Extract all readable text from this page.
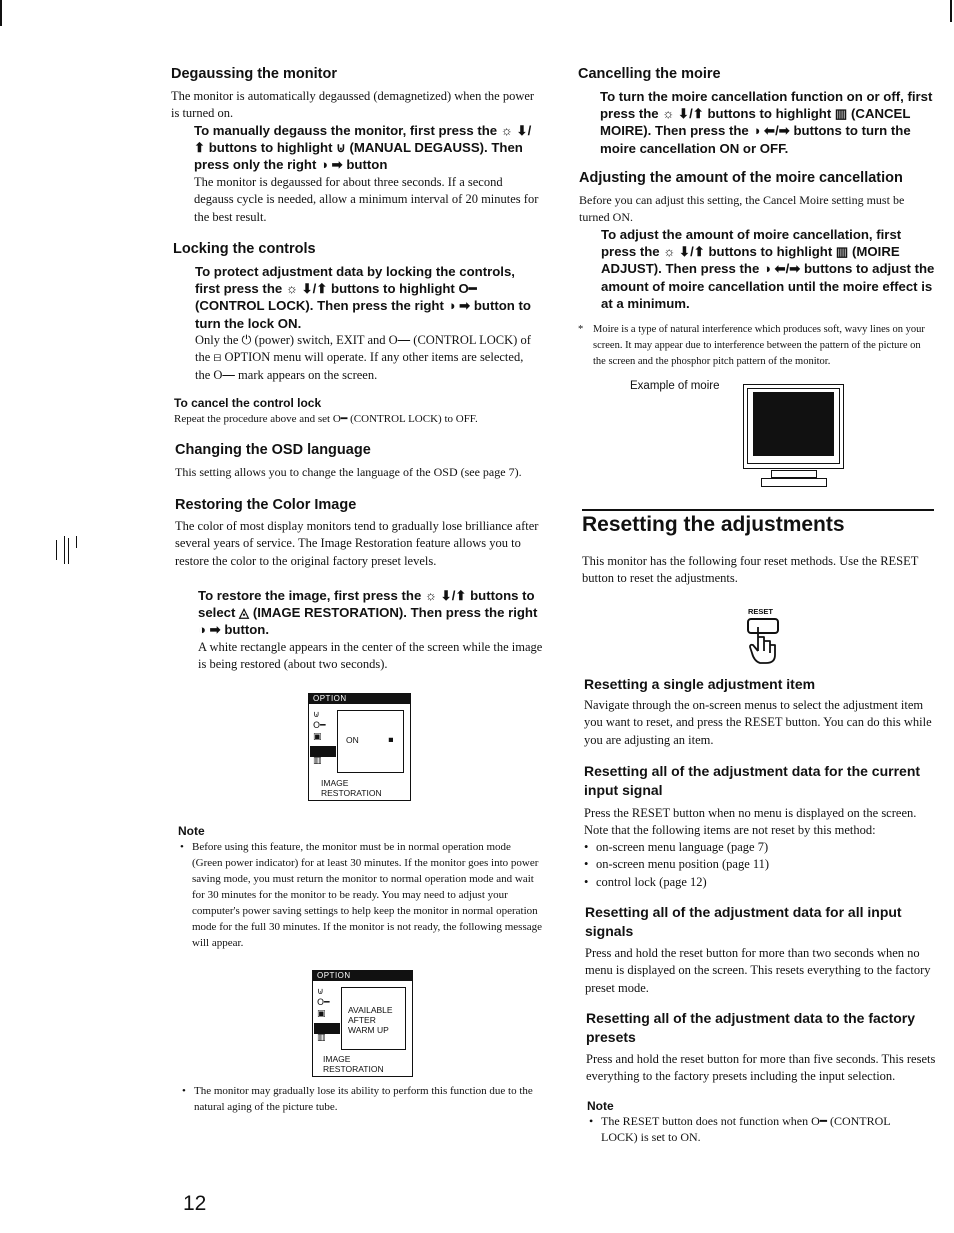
Degaussing the monitor

The monitor is automatically degaussed (demagnetized) when the power is turned on.

To manually degauss the monitor, first press the ☼ ⬇/⬆ buttons to highlight ⊍ (MANUAL DEGAUSS). Then press only the right ◑ ➡ button

The monitor is degaussed for about three seconds. If a second degauss cycle is needed, allow a minimum interval of 20 minutes for the best result.

Locking the controls

To protect adjustment data by locking the controls, first press the ☼ ⬇/⬆ buttons to highlight O━ (CONTROL LOCK). Then press the right ◑ ➡ button to turn the lock ON.

Only the ⏻ (power) switch, EXIT and O━ (CONTROL LOCK) of the ⊟ OPTION menu will operate. If any other items are selected, the O━ mark appears on the screen.

To cancel the control lock

Repeat the procedure above and set O━ (CONTROL LOCK) to OFF.

Changing the OSD language

This setting allows you to change the language of the OSD (see page 7).

Restoring the Color Image

The color of most display monitors tend to gradually lose brilliance after several years of service. The Image Restoration feature allows you to restore the color to the original factory preset levels.

To restore the image, first press the ☼ ⬇/⬆ buttons to select ◬ (IMAGE RESTORATION). Then press the right ◑ ➡ button.

A white rectangle appears in the center of the screen while the image is being restored (about two seconds).

Note

• Before using this feature, the monitor must be in normal operation mode (Green power indicator) for at least 30 minutes. If the monitor goes into power saving mode, you must return the monitor to normal operation mode and wait for 30 minutes for the monitor to be ready. You may need to adjust your computer's power saving settings to help keep the monitor in normal operation mode for the full 30 minutes. If the monitor is not ready, the following message will appear.
• The monitor may gradually lose its ability to perform this function due to the natural aging of the picture tube.
OPTION
⊍
O━
▣
▥
ON	▪
IMAGE
RESTORATION
OPTION
⊍
O━
▣
▥
AVAILABLE
AFTER
WARM UP
IMAGE
RESTORATION
Cancelling the moire

To turn the moire cancellation function on or off, first press the ☼ ⬇/⬆ buttons to highlight ▥ (CANCEL MOIRE). Then press the ◑ ⬅/➡ buttons to turn the moire cancellation ON or OFF.

Adjusting the amount of the moire cancellation

Before you can adjust this setting, the Cancel Moire setting must be turned ON.

To adjust the amount of moire cancellation, first press the ☼ ⬇/⬆ buttons to highlight ▥ (MOIRE ADJUST). Then press the ◑ ⬅/➡ buttons to adjust the amount of moire cancellation until the moire effect is at a minimum.

* Moire is a type of natural interference which produces soft, wavy lines on your screen. It may appear due to interference between the pattern of the picture on the screen and the phosphor pitch pattern of the monitor.

Example of moire

Resetting the adjustments

This monitor has the following four reset methods. Use the RESET button to reset the adjustments.

RESET

Resetting a single adjustment item

Navigate through the on-screen menus to select the adjustment item you want to reset, and press the RESET button. You can do this while you are adjusting an item.

Resetting all of the adjustment data for the current input signal

Press the RESET button when no menu is displayed on the screen. Note that the following items are not reset by this method:

• on-screen menu language (page 7)
• on-screen menu position (page 11)
• control lock (page 12)
Resetting all of the adjustment data for all input signals

Press and hold the reset button for more than two seconds when no menu is displayed on the screen. This resets everything to the factory preset mode.

Resetting all of the adjustment data to the factory presets

Press and hold the reset button for more than five seconds. This resets everything to the factory presets including the input selection.

Note

• The RESET button does not function when O━ (CONTROL LOCK) is set to ON.

12
